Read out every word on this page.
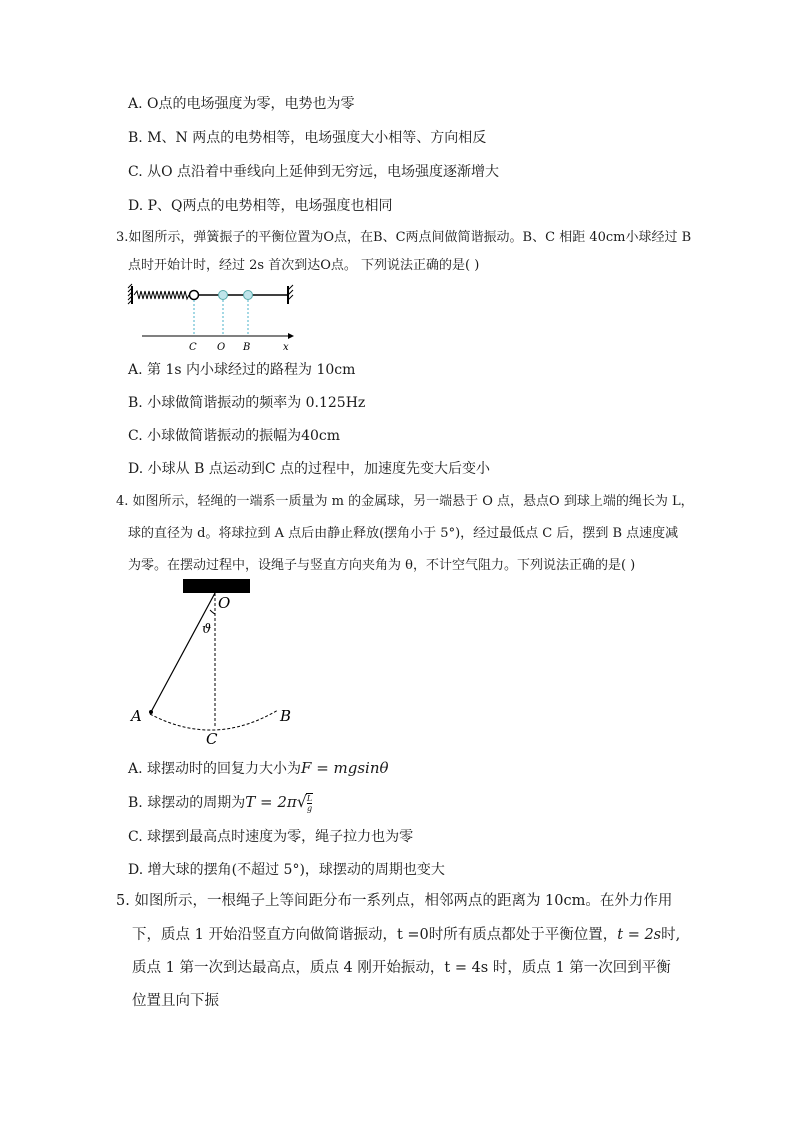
A. O点的电场强度为零，电势也为零
B. M、N 两点的电势相等，电场强度大小相等、方向相反
C. 从O 点沿着中垂线向上延伸到无穷远，电场强度逐渐增大
D. P、Q两点的电势相等，电场强度也相同
3.如图所示，弹簧振子的平衡位置为O点，在B、C两点间做简谐振动。B、C 相距 40cm小球经过 B
点时开始计时，经过 2s 首次到达O点。 下列说法正确的是( )
C O B	x
A. 第 1s 内小球经过的路程为 10cm
B. 小球做简谐振动的频率为 0.125Hz
C. 小球做简谐振动的振幅为40cm
D. 小球从 B 点运动到C 点的过程中，加速度先变大后变小
4. 如图所示，轻绳的一端系一质量为 m 的金属球，另一端悬于 O 点，悬点O 到球上端的绳长为 L，
球的直径为 d。将球拉到 A 点后由静止释放(摆角小于 5°)，经过最低点 C 后，摆到 B 点速度减
为零。在摆动过程中，设绳子与竖直方向夹角为 θ，不计空气阻力。下列说法正确的是( )
O
ϑ
A	B
C
A. 球摆动时的回复力大小为F = mgsinθ
B. 球摆动的周期为$T = 2\pi√ \frac{L}{g}$
C. 球摆到最高点时速度为零，绳子拉力也为零
D. 增大球的摆角(不超过 5°)，球摆动的周期也变大
5. 如图所示，一根绳子上等间距分布一系列点，相邻两点的距离为 10cm。在外力作用
下，质点 1 开始沿竖直方向做简谐振动，t =0时所有质点都处于平衡位置，t = 2s时,
质点 1 第一次到达最高点，质点 4 刚开始振动，t = 4s 时，质点 1 第一次回到平衡
位置且向下振
